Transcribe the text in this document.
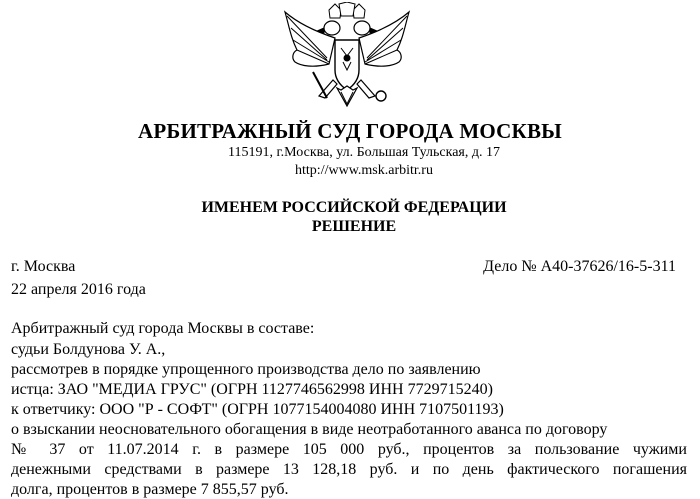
АРБИТРАЖНЫЙ СУД ГОРОДА МОСКВЫ
115191, г.Москва, ул. Большая Тульская, д. 17
http://www.msk.arbitr.ru
ИМЕНЕМ РОССИЙСКОЙ ФЕДЕРАЦИИ
РЕШЕНИЕ
г. Москва	Дело № А40-37626/16-5-311
22 апреля 2016 года
Арбитражный суд города Москвы в составе:
судьи Болдунова У. А.,
рассмотрев в порядке упрощенного производства дело по заявлению
истца: ЗАО "МЕДИА ГРУС" (ОГРН 1127746562998 ИНН 7729715240)
к ответчику: ООО "Р - СОФТ" (ОГРН 1077154004080 ИНН 7107501193)
о взыскании неосновательного обогащения в виде неотработанного аванса по договору
№ 37 от 11.07.2014 г. в размере 105 000 руб., процентов за пользование чужими
денежными средствами в размере 13 128,18 руб. и по день фактического погашения
долга, процентов в размере 7 855,57 руб.
